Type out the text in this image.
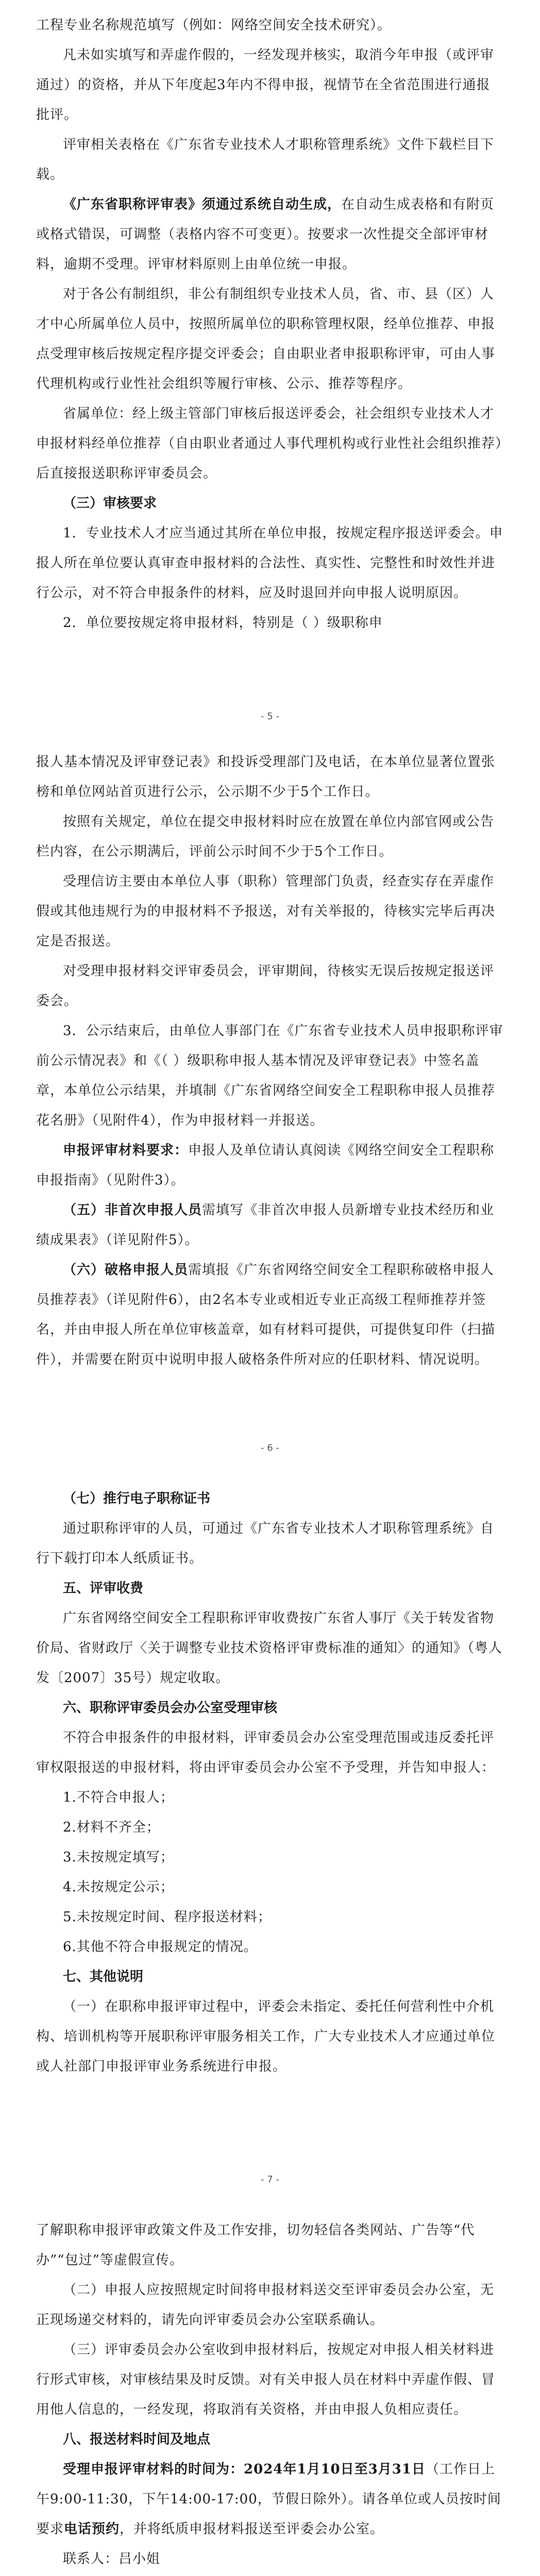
工程专业名称规范填写（例如：网络空间安全技术研究）。

凡未如实填写和弄虚作假的，一经发现并核实，取消今年申报（或评审通过）的资格，并从下年度起3年内不得申报，视情节在全省范围进行通报批评。

评审相关表格在《广东省专业技术人才职称管理系统》文件下载栏目下载。

《广东省职称评审表》须通过系统自动生成，在自动生成表格和有附页或格式错误，可调整（表格内容不可变更）。按要求一次性提交全部评审材料，逾期不受理。评审材料原则上由单位统一申报。

对于各公有制组织，非公有制组织专业技术人员，省、市、县（区）人才中心所属单位人员中，按照所属单位的职称管理权限，经单位推荐、申报点受理审核后按规定程序提交评委会；自由职业者申报职称评审，可由人事代理机构或行业性社会组织等履行审核、公示、推荐等程序。

省属单位：经上级主管部门审核后报送评委会，社会组织专业技术人才申报材料经单位推荐（自由职业者通过人事代理机构或行业性社会组织推荐）后直接报送职称评审委员会。

（三）审核要求

1．专业技术人才应当通过其所在单位申报，按规定程序报送评委会。申报人所在单位要认真审查申报材料的合法性、真实性、完整性和时效性并进行公示，对不符合申报条件的材料，应及时退回并向申报人说明原因。

2．单位要按规定将申报材料，特别是（ ）级职称申

- 5 -

报人基本情况及评审登记表》和投诉受理部门及电话，在本单位显著位置张榜和单位网站首页进行公示，公示期不少于5个工作日。

按照有关规定，单位在提交申报材料时应在放置在单位内部官网或公告栏内容，在公示期满后，评前公示时间不少于5个工作日。

受理信访主要由本单位人事（职称）管理部门负责，经查实存在弄虚作假或其他违规行为的申报材料不予报送，对有关举报的，待核实完毕后再决定是否报送。

对受理申报材料交评审委员会，评审期间，待核实无误后按规定报送评委会。

3．公示结束后，由单位人事部门在《广东省专业技术人员申报职称评审前公示情况表》和《（ ）级职称申报人基本情况及评审登记表》中签名盖章，本单位公示结果，并填制《广东省网络空间安全工程职称申报人员推荐花名册》（见附件4），作为申报材料一并报送。

申报评审材料要求：申报人及单位请认真阅读《网络空间安全工程职称申报指南》（见附件3）。

（五）非首次申报人员需填写《非首次申报人员新增专业技术经历和业绩成果表》（详见附件5）。

（六）破格申报人员需填报《广东省网络空间安全工程职称破格申报人员推荐表》（详见附件6），由2名本专业或相近专业正高级工程师推荐并签名，并由申报人所在单位审核盖章，如有材料可提供，可提供复印件（扫描件），并需要在附页中说明申报人破格条件所对应的任职材料、情况说明。

- 6 -

（七）推行电子职称证书

通过职称评审的人员，可通过《广东省专业技术人才职称管理系统》自行下载打印本人纸质证书。

五、评审收费

广东省网络空间安全工程职称评审收费按广东省人事厅《关于转发省物价局、省财政厅〈关于调整专业技术资格评审费标准的通知〉的通知》（粤人发〔2007〕35号）规定收取。

六、职称评审委员会办公室受理审核

不符合申报条件的申报材料，评审委员会办公室受理范围或违反委托评审权限报送的申报材料，将由评审委员会办公室不予受理，并告知申报人：

1.不符合申报人；

2.材料不齐全；

3.未按规定填写；

4.未按规定公示；

5.未按规定时间、程序报送材料；

6.其他不符合申报规定的情况。

七、其他说明

（一）在职称申报评审过程中，评委会未指定、委托任何营利性中介机构、培训机构等开展职称评审服务相关工作，广大专业技术人才应通过单位或人社部门申报评审业务系统进行申报。

- 7 -

了解职称申报评审政策文件及工作安排，切勿轻信各类网站、广告等“代办”“包过”等虚假宣传。

（二）申报人应按照规定时间将申报材料送交至评审委员会办公室，无正现场递交材料的，请先向评审委员会办公室联系确认。

（三）评审委员会办公室收到申报材料后，按规定对申报人相关材料进行形式审核，对审核结果及时反馈。对有关申报人员在材料中弄虚作假、冒用他人信息的，一经发现，将取消有关资格，并由申报人负相应责任。

八、报送材料时间及地点

受理申报评审材料的时间为：2024年1月10日至3月31日（工作日上午9:00-11:30，下午14:00-17:00，节假日除外）。请各单位或人员按时间要求电话预约，并将纸质申报材料报送至评委会办公室。

联系人：吕小姐
